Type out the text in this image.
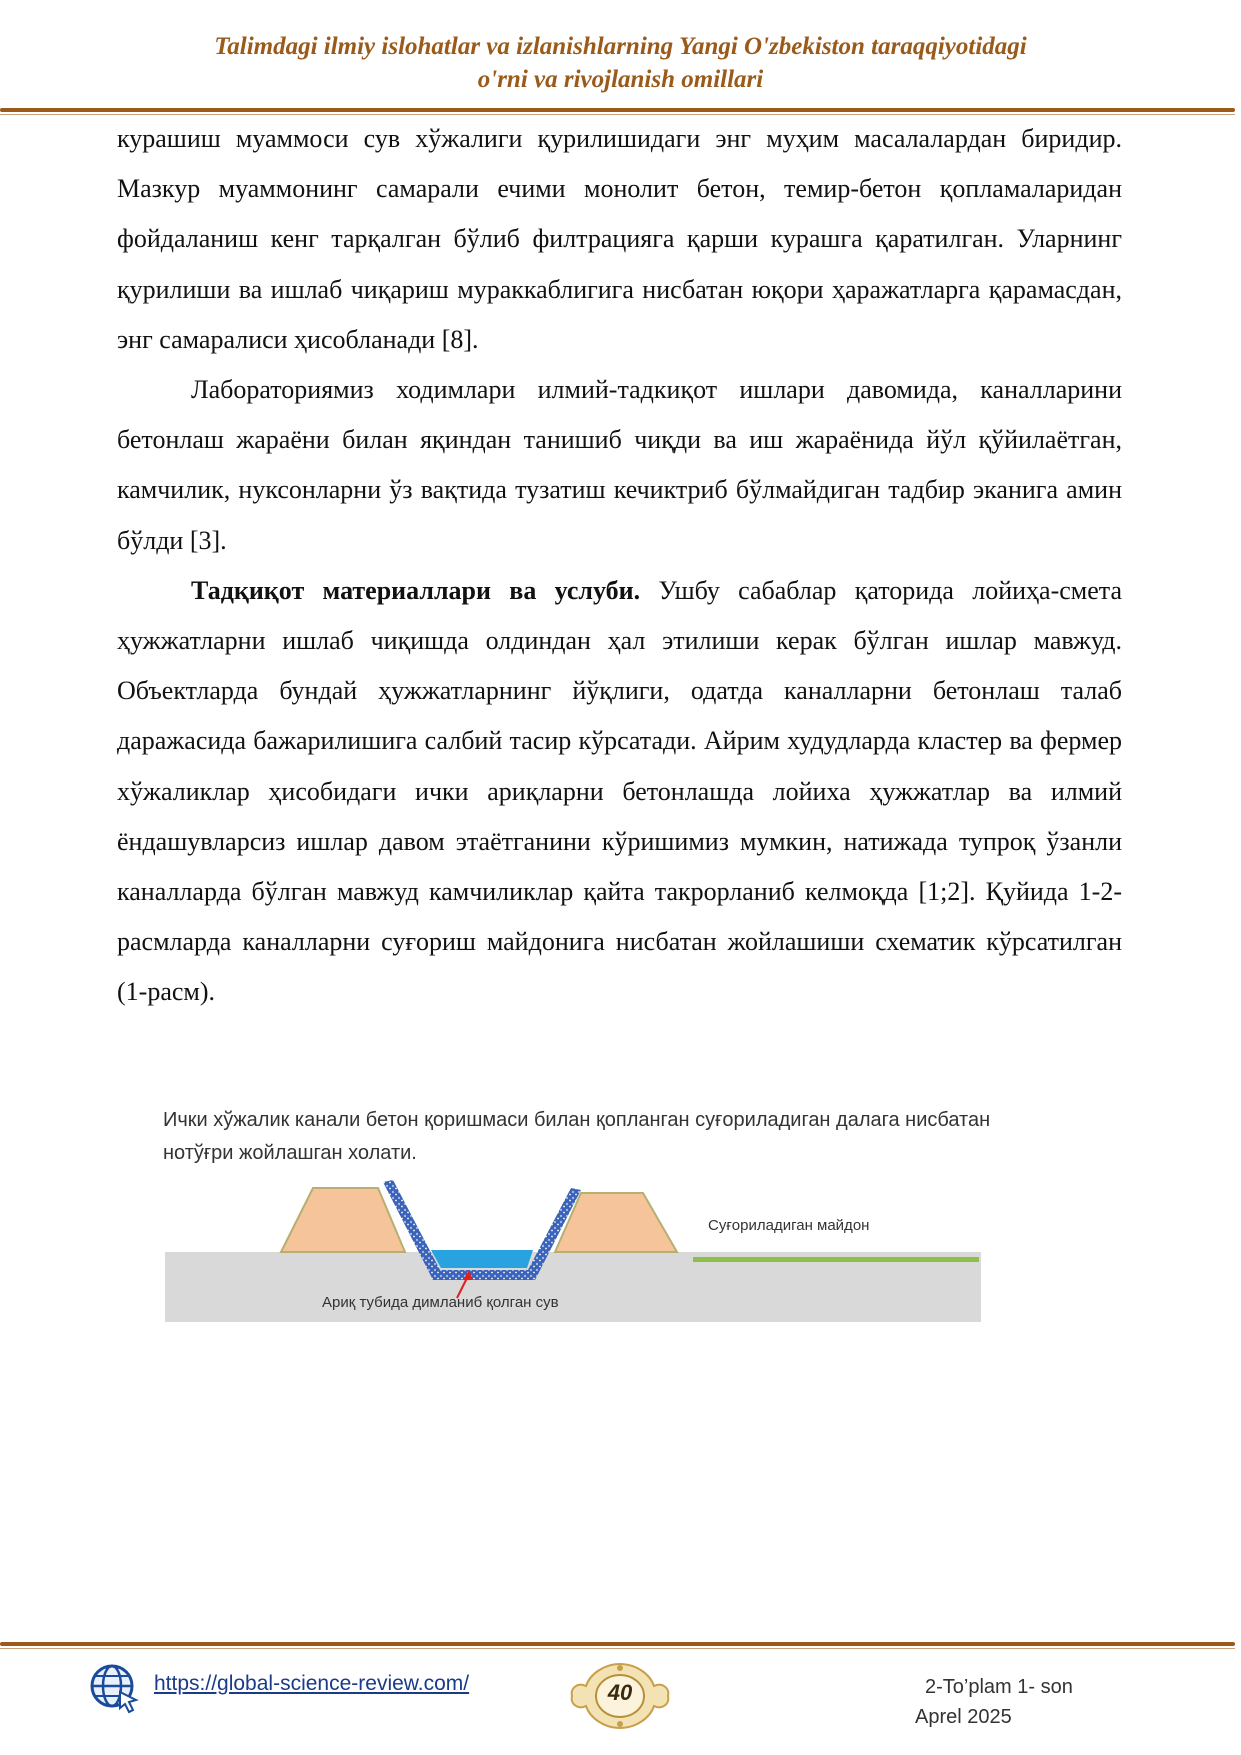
Talimdagi ilmiy islohatlar va izlanishlarning Yangi O'zbekiston taraqqiyotidagi
o'rni va rivojlanish omillari

курашиш муаммоси сув хўжалиги қурилишидаги энг муҳим масалалардан биридир. Мазкур муаммонинг самарали ечими монолит бетон, темир-бетон қопламаларидан фойдаланиш кенг тарқалган бўлиб филтрацияга қарши курашга қаратилган. Уларнинг қурилиши ва ишлаб чиқариш мураккаблигига нисбатан юқори ҳаражатларга қарамасдан, энг самаралиси ҳисобланади [8].

Лабораториямиз ходимлари илмий-тадкиқот ишлари давомида, каналларини бетонлаш жараёни билан яқиндан танишиб чиқди ва иш жараёнида йўл қўйилаётган, камчилик, нуксонларни ўз вақтида тузатиш кечиктриб бўлмайдиган тадбир эканига амин бўлди [3].

Тадқиқот материаллари ва услуби. Ушбу сабаблар қаторида лойиҳа-смета ҳужжатларни ишлаб чиқишда олдиндан ҳал этилиши керак бўлган ишлар мавжуд. Объектларда бундай ҳужжатларнинг йўқлиги, одатда каналларни бетонлаш талаб даражасида бажарилишига салбий тасир кўрсатади. Айрим худудларда кластер ва фермер хўжаликлар ҳисобидаги ички ариқларни бетонлашда лойиха ҳужжатлар ва илмий ёндашувларсиз ишлар давом этаётганини кўришимиз мумкин, натижада тупроқ ўзанли каналларда бўлган мавжуд камчиликлар қайта такрорланиб келмоқда [1;2]. Қуйида 1-2-расмларда каналларни суғориш майдонига нисбатан жойлашиши схематик кўрсатилган (1-расм).

Ички хўжалик канали бетон қоришмаси билан қопланган суғориладиган далага нисбатан нотўғри жойлашган холати.
Суғориладиган майдон
Ариқ тубида димланиб қолган сув
https://global-science-review.com/	40	2-To’plam 1- son
Aprel 2025
